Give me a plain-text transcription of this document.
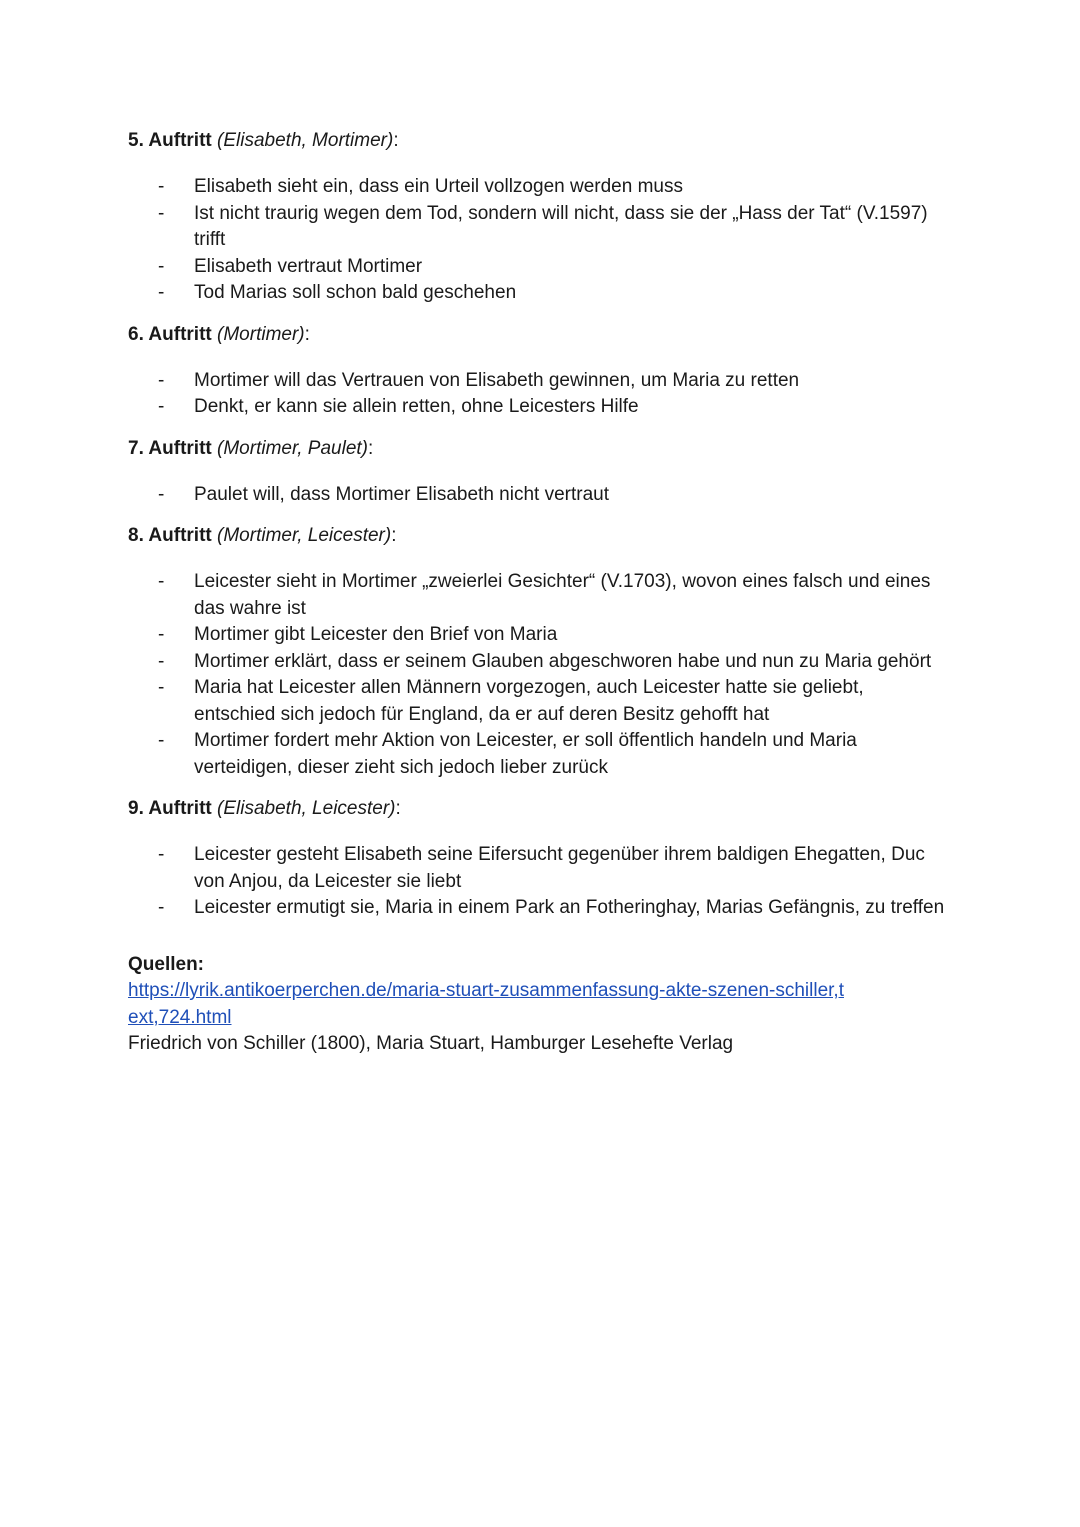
5. Auftritt (Elisabeth, Mortimer):
- Elisabeth sieht ein, dass ein Urteil vollzogen werden muss
- Ist nicht traurig wegen dem Tod, sondern will nicht, dass sie der „Hass der Tat“ (V.1597) trifft
- Elisabeth vertraut Mortimer
- Tod Marias soll schon bald geschehen
6. Auftritt (Mortimer):
- Mortimer will das Vertrauen von Elisabeth gewinnen, um Maria zu retten
- Denkt, er kann sie allein retten, ohne Leicesters Hilfe
7. Auftritt (Mortimer, Paulet):
- Paulet will, dass Mortimer Elisabeth nicht vertraut
8. Auftritt (Mortimer, Leicester):
- Leicester sieht in Mortimer „zweierlei Gesichter“ (V.1703), wovon eines falsch und eines das wahre ist
- Mortimer gibt Leicester den Brief von Maria
- Mortimer erklärt, dass er seinem Glauben abgeschworen habe und nun zu Maria gehört
- Maria hat Leicester allen Männern vorgezogen, auch Leicester hatte sie geliebt, entschied sich jedoch für England, da er auf deren Besitz gehofft hat
- Mortimer fordert mehr Aktion von Leicester, er soll öffentlich handeln und Maria verteidigen, dieser zieht sich jedoch lieber zurück
9. Auftritt (Elisabeth, Leicester):
- Leicester gesteht Elisabeth seine Eifersucht gegenüber ihrem baldigen Ehegatten, Duc von Anjou, da Leicester sie liebt
- Leicester ermutigt sie, Maria in einem Park an Fotheringhay, Marias Gefängnis, zu treffen
Quellen:
https://lyrik.antikoerperchen.de/maria-stuart-zusammenfassung-akte-szenen-schiller,text,724.html
Friedrich von Schiller (1800), Maria Stuart, Hamburger Lesehefte Verlag
